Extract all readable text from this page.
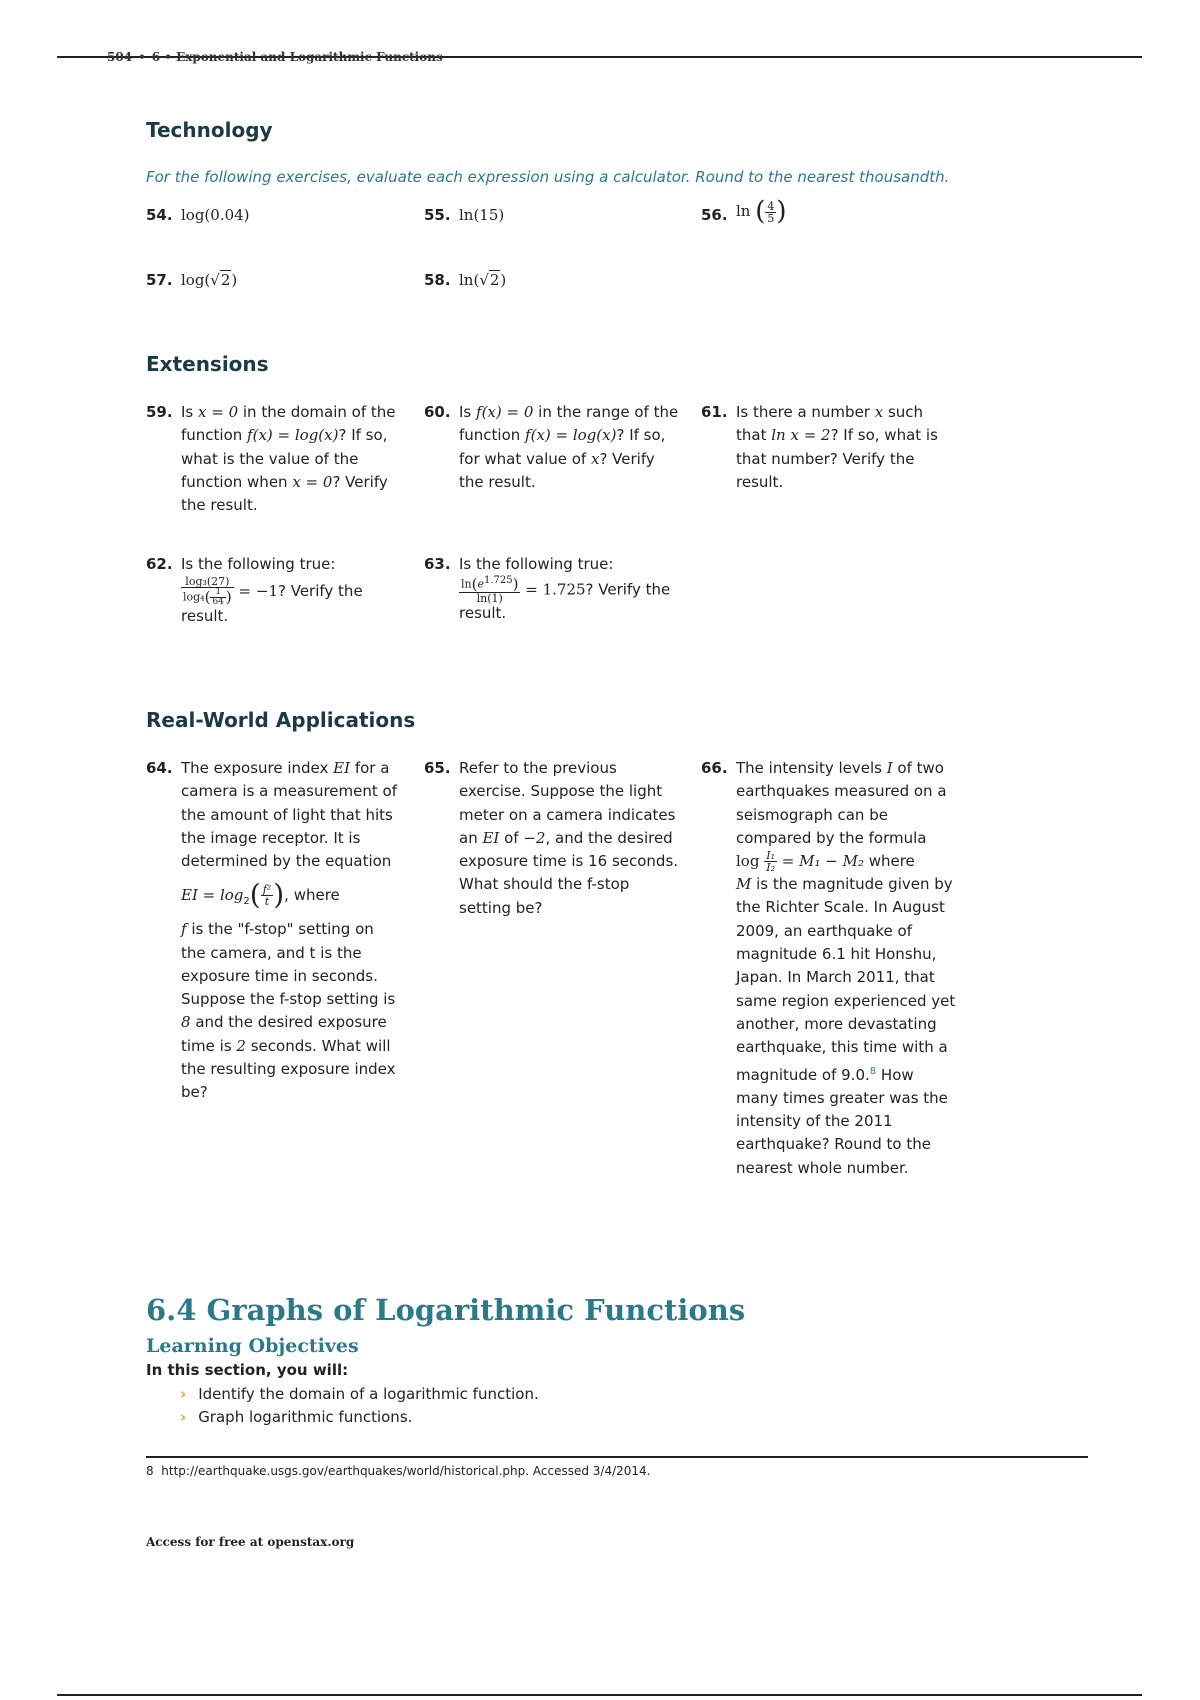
504 • 6 • Exponential and Logarithmic Functions
Technology
For the following exercises, evaluate each expression using a calculator. Round to the nearest thousandth.
54. log(0.04)	55. ln(15)	56. ln ( $\frac{4}{5}$ )
57. log(√2)	58. ln(√2)
Extensions
59. Is x = 0 in the domain of the function f(x) = log(x)? If so, what is the value of the function when x = 0? Verify the result.
60. Is f(x) = 0 in the range of the function f(x) = log(x)? If so, for what value of x? Verify the result.
61. Is there a number x such that ln x = 2? If so, what is that number? Verify the result.
62. Is the following true:
$\frac{\text{log₃(27)}}{\log_4( \frac{1}{64} )} = -1$? Verify the result.
63. Is the following true:
$\frac{\ln(e1.725)}{\ln(1)} = 1.725$? Verify the result.
Real-World Applications
64. The exposure index EI for a camera is a measurement of the amount of light that hits the image receptor. It is determined by the equation
EI = $\log_2( \frac{\text{f²}}{t}$ ), where
f is the "f-stop" setting on the camera, and t is the exposure time in seconds. Suppose the f-stop setting is 8 and the desired exposure time is 2 seconds. What will the resulting exposure index be?
65. Refer to the previous exercise. Suppose the light meter on a camera indicates an EI of −2, and the desired exposure time is 16 seconds. What should the f-stop setting be?
66. The intensity levels I of two earthquakes measured on a seismograph can be compared by the formula
$\log \frac{\text{I₁}}{\text{I₂}} = M_1 - M_2$ where
M is the magnitude given by the Richter Scale. In August 2009, an earthquake of magnitude 6.1 hit Honshu, Japan. In March 2011, that same region experienced yet another, more devastating earthquake, this time with a magnitude of 9.0.$^8$ How many times greater was the intensity of the 2011 earthquake? Round to the nearest whole number.
6.4 Graphs of Logarithmic Functions
Learning Objectives
In this section, you will:
› Identify the domain of a logarithmic function.
› Graph logarithmic functions.
8 http://earthquake.usgs.gov/earthquakes/world/historical.php. Accessed 3/4/2014.
Access for free at openstax.org
